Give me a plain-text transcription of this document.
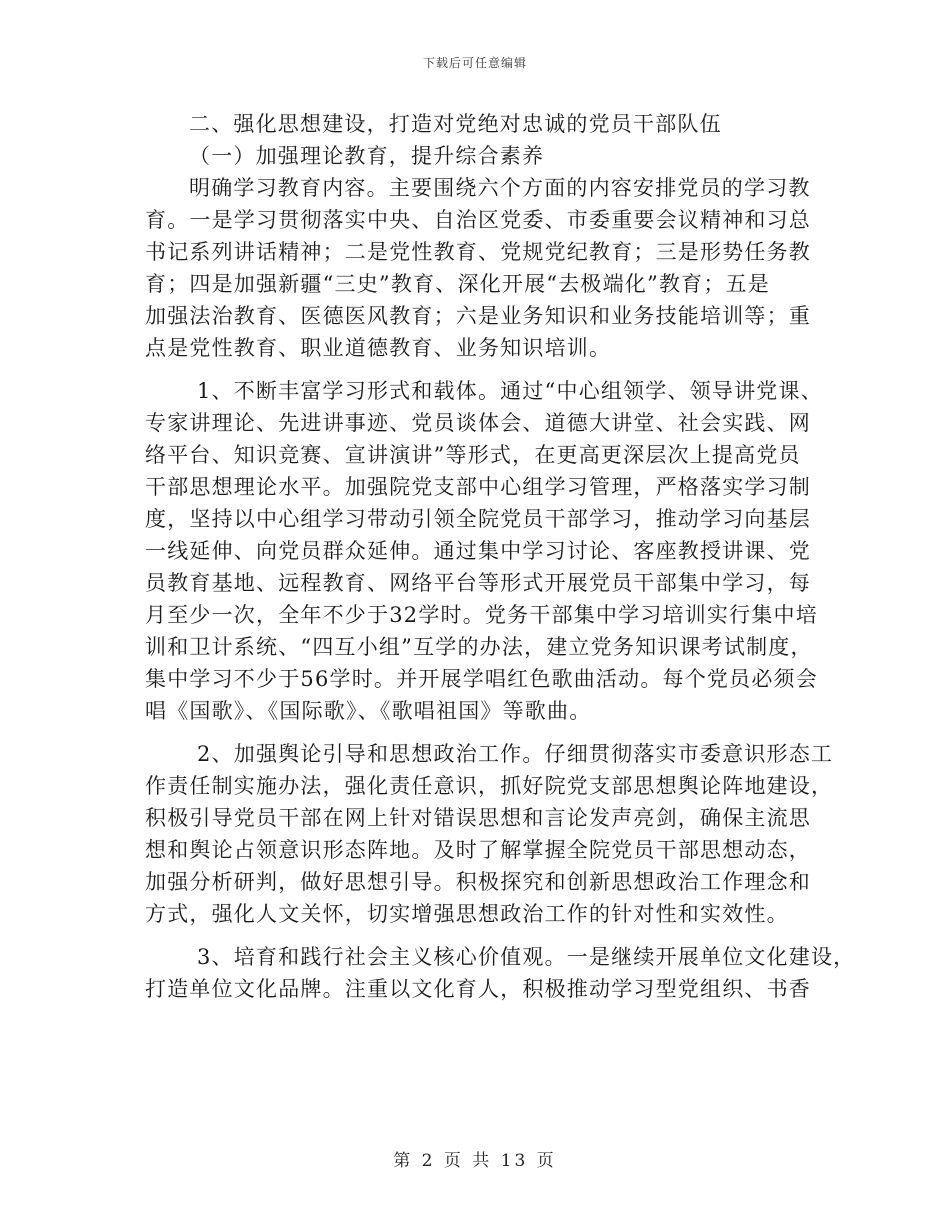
下载后可任意编辑

二、强化思想建设，打造对党绝对忠诚的党员干部队伍

（一）加强理论教育，提升综合素养

明确学习教育内容。主要围绕六个方面的内容安排党员的学习教

育。一是学习贯彻落实中央、自治区党委、市委重要会议精神和习总

书记系列讲话精神；二是党性教育、党规党纪教育；三是形势任务教

育；四是加强新疆“三史”教育、深化开展“去极端化”教育；五是

加强法治教育、医德医风教育；六是业务知识和业务技能培训等；重

点是党性教育、职业道德教育、业务知识培训。

1、不断丰富学习形式和载体。通过“中心组领学、领导讲党课、

专家讲理论、先进讲事迹、党员谈体会、道德大讲堂、社会实践、网

络平台、知识竞赛、宣讲演讲”等形式，在更高更深层次上提高党员

干部思想理论水平。加强院党支部中心组学习管理，严格落实学习制

度，坚持以中心组学习带动引领全院党员干部学习，推动学习向基层

一线延伸、向党员群众延伸。通过集中学习讨论、客座教授讲课、党

员教育基地、远程教育、网络平台等形式开展党员干部集中学习，每

月至少一次，全年不少于32学时。党务干部集中学习培训实行集中培

训和卫计系统、“四互小组”互学的办法，建立党务知识课考试制度，

集中学习不少于56学时。并开展学唱红色歌曲活动。每个党员必须会

唱《国歌》、《国际歌》、《歌唱祖国》等歌曲。

2、加强舆论引导和思想政治工作。仔细贯彻落实市委意识形态工

作责任制实施办法，强化责任意识，抓好院党支部思想舆论阵地建设，

积极引导党员干部在网上针对错误思想和言论发声亮剑，确保主流思

想和舆论占领意识形态阵地。及时了解掌握全院党员干部思想动态，

加强分析研判，做好思想引导。积极探究和创新思想政治工作理念和

方式，强化人文关怀，切实增强思想政治工作的针对性和实效性。

3、培育和践行社会主义核心价值观。一是继续开展单位文化建设，

打造单位文化品牌。注重以文化育人，积极推动学习型党组织、书香

第 2 页 共 13 页
